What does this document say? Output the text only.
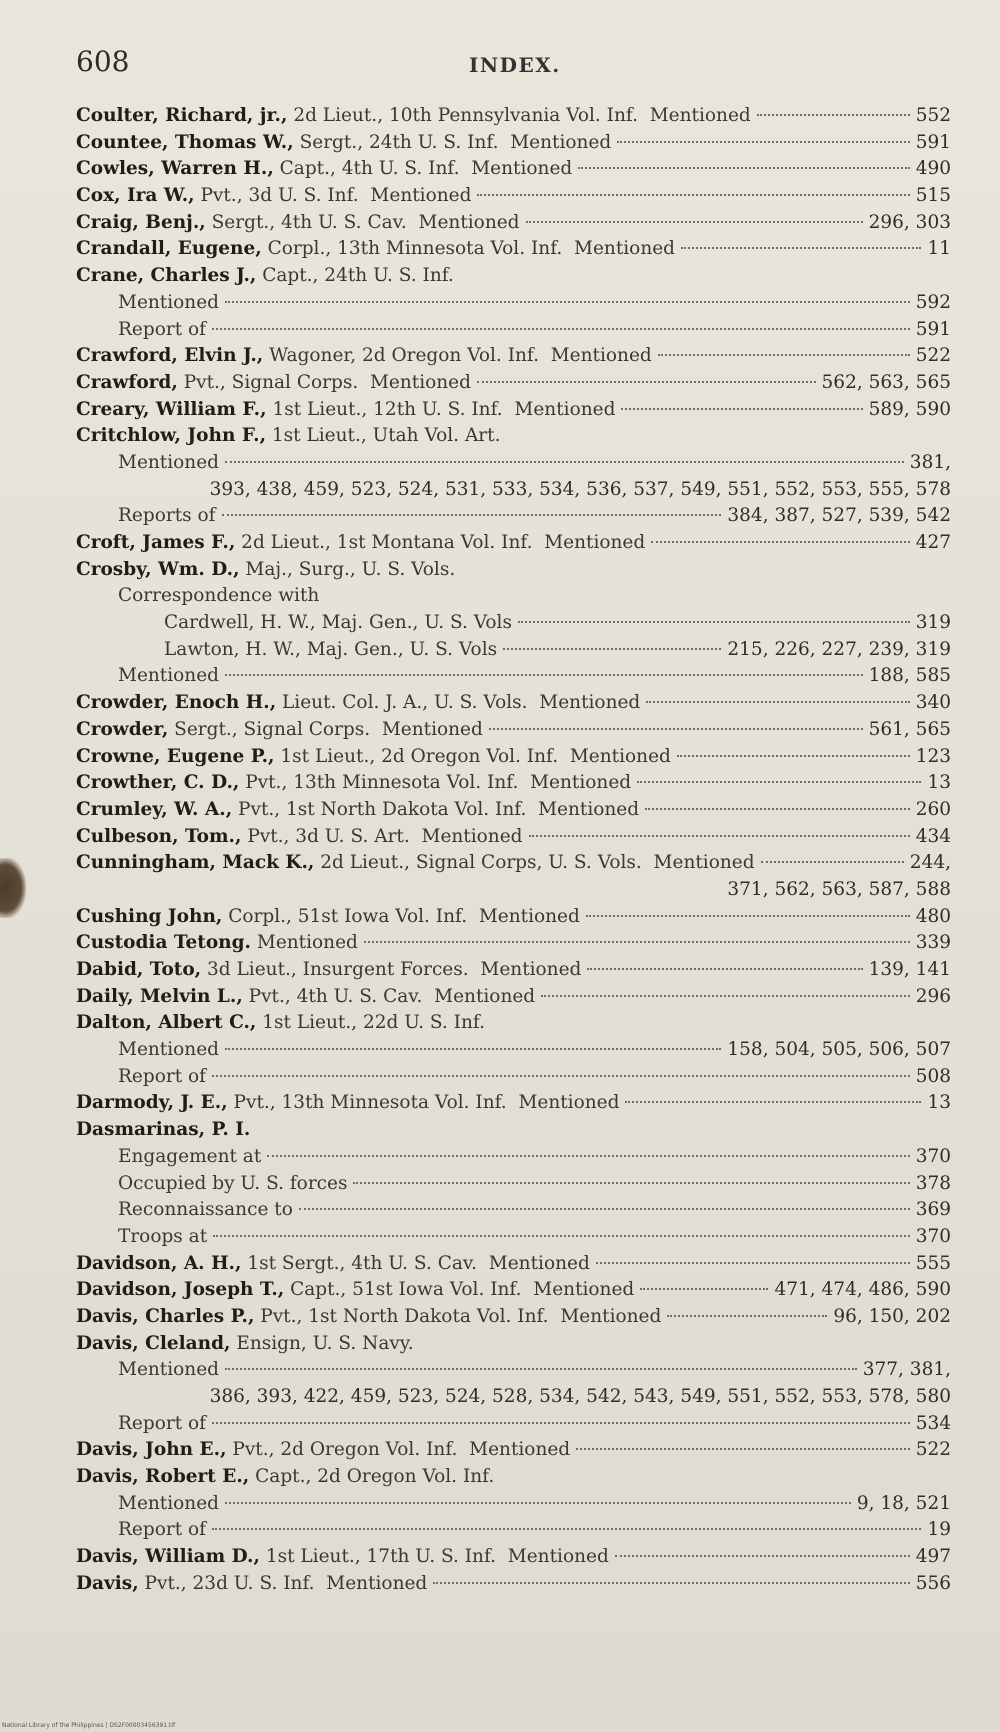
608	INDEX.
Coulter, Richard, jr., 2d Lieut., 10th Pennsylvania Vol. Inf.  Mentioned	552
Countee, Thomas W., Sergt., 24th U. S. Inf.  Mentioned	591
Cowles, Warren H., Capt., 4th U. S. Inf.  Mentioned	490
Cox, Ira W., Pvt., 3d U. S. Inf.  Mentioned	515
Craig, Benj., Sergt., 4th U. S. Cav.  Mentioned	296, 303
Crandall, Eugene, Corpl., 13th Minnesota Vol. Inf.  Mentioned	11
Crane, Charles J., Capt., 24th U. S. Inf.
Mentioned	592
Report of	591
Crawford, Elvin J., Wagoner, 2d Oregon Vol. Inf.  Mentioned	522
Crawford, Pvt., Signal Corps.  Mentioned	562, 563, 565
Creary, William F., 1st Lieut., 12th U. S. Inf.  Mentioned	589, 590
Critchlow, John F., 1st Lieut., Utah Vol. Art.
Mentioned	381,
393, 438, 459, 523, 524, 531, 533, 534, 536, 537, 549, 551, 552, 553, 555, 578
Reports of	384, 387, 527, 539, 542
Croft, James F., 2d Lieut., 1st Montana Vol. Inf.  Mentioned	427
Crosby, Wm. D., Maj., Surg., U. S. Vols.
Correspondence with
Cardwell, H. W., Maj. Gen., U. S. Vols	319
Lawton, H. W., Maj. Gen., U. S. Vols	215, 226, 227, 239, 319
Mentioned	188, 585
Crowder, Enoch H., Lieut. Col. J. A., U. S. Vols.  Mentioned	340
Crowder, Sergt., Signal Corps.  Mentioned	561, 565
Crowne, Eugene P., 1st Lieut., 2d Oregon Vol. Inf.  Mentioned	123
Crowther, C. D., Pvt., 13th Minnesota Vol. Inf.  Mentioned	13
Crumley, W. A., Pvt., 1st North Dakota Vol. Inf.  Mentioned	260
Culbeson, Tom., Pvt., 3d U. S. Art.  Mentioned	434
Cunningham, Mack K., 2d Lieut., Signal Corps, U. S. Vols.  Mentioned	244,
371, 562, 563, 587, 588
Cushing John, Corpl., 51st Iowa Vol. Inf.  Mentioned	480
Custodia Tetong. Mentioned	339
Dabid, Toto, 3d Lieut., Insurgent Forces.  Mentioned	139, 141
Daily, Melvin L., Pvt., 4th U. S. Cav.  Mentioned	296
Dalton, Albert C., 1st Lieut., 22d U. S. Inf.
Mentioned	158, 504, 505, 506, 507
Report of	508
Darmody, J. E., Pvt., 13th Minnesota Vol. Inf.  Mentioned	13
Dasmarinas, P. I.
Engagement at	370
Occupied by U. S. forces	378
Reconnaissance to	369
Troops at	370
Davidson, A. H., 1st Sergt., 4th U. S. Cav.  Mentioned	555
Davidson, Joseph T., Capt., 51st Iowa Vol. Inf.  Mentioned	471, 474, 486, 590
Davis, Charles P., Pvt., 1st North Dakota Vol. Inf.  Mentioned	96, 150, 202
Davis, Cleland, Ensign, U. S. Navy.
Mentioned	377, 381,
386, 393, 422, 459, 523, 524, 528, 534, 542, 543, 549, 551, 552, 553, 578, 580
Report of	534
Davis, John E., Pvt., 2d Oregon Vol. Inf.  Mentioned	522
Davis, Robert E., Capt., 2d Oregon Vol. Inf.
Mentioned	9, 18, 521
Report of	19
Davis, William D., 1st Lieut., 17th U. S. Inf.  Mentioned	497
Davis, Pvt., 23d U. S. Inf.  Mentioned	556
National Library of the Philippines | DS2F00003456391.tif
